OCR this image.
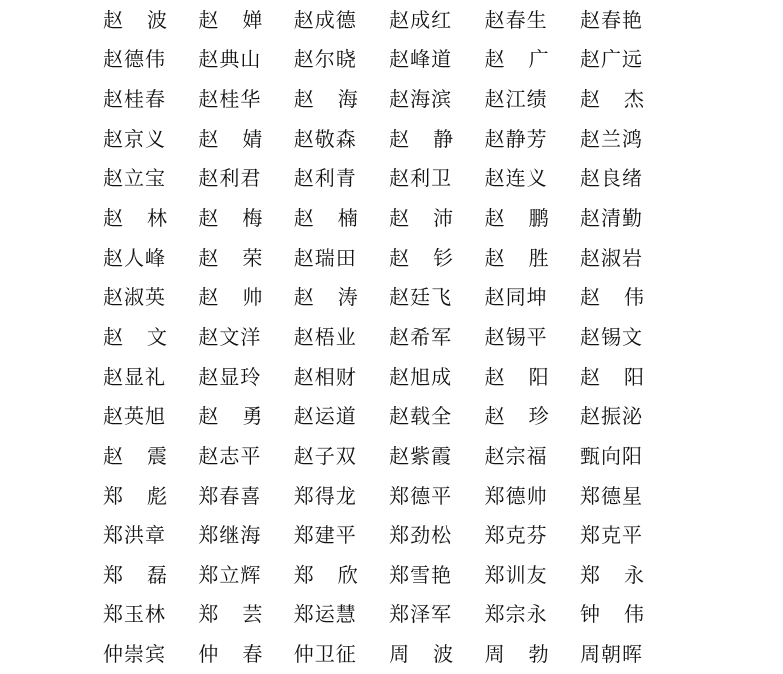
赵 波 赵 婵 赵 成 德 赵 成 红 赵 春 生 赵 春 艳
赵 德 伟 赵 典 山 赵 尔 晓 赵 峰 道 赵 广 赵 广 远
赵 桂 春 赵 桂 华 赵 海 赵 海 滨 赵 江 绩 赵 杰
赵 京 义 赵 婧 赵 敬 森 赵 静 赵 静 芳 赵 兰 鸿
赵 立 宝 赵 利 君 赵 利 青 赵 利 卫 赵 连 义 赵 良 绪
赵 林 赵 梅 赵 楠 赵 沛 赵 鹏 赵 清 勤
赵 人 峰 赵 荣 赵 瑞 田 赵 钐 赵 胜 赵 淑 岩
赵 淑 英 赵 帅 赵 涛 赵 廷 飞 赵 同 坤 赵 伟
赵 文 赵 文 洋 赵 梧 业 赵 希 军 赵 锡 平 赵 锡 文
赵 显 礼 赵 显 玲 赵 相 财 赵 旭 成 赵 阳 赵 阳
赵 英 旭 赵 勇 赵 运 道 赵 载 全 赵 珍 赵 振 泌
赵 震 赵 志 平 赵 子 双 赵 紫 霞 赵 宗 福 甄 向 阳
郑 彪 郑 春 喜 郑 得 龙 郑 德 平 郑 德 帅 郑 德 星
郑 洪 章 郑 继 海 郑 建 平 郑 劲 松 郑 克 芬 郑 克 平
郑 磊 郑 立 辉 郑 欣 郑 雪 艳 郑 训 友 郑 永
郑 玉 林 郑 芸 郑 运 慧 郑 泽 军 郑 宗 永 钟 伟
仲 崇 宾 仲 春 仲 卫 征 周 波 周 勃 周 朝 晖
